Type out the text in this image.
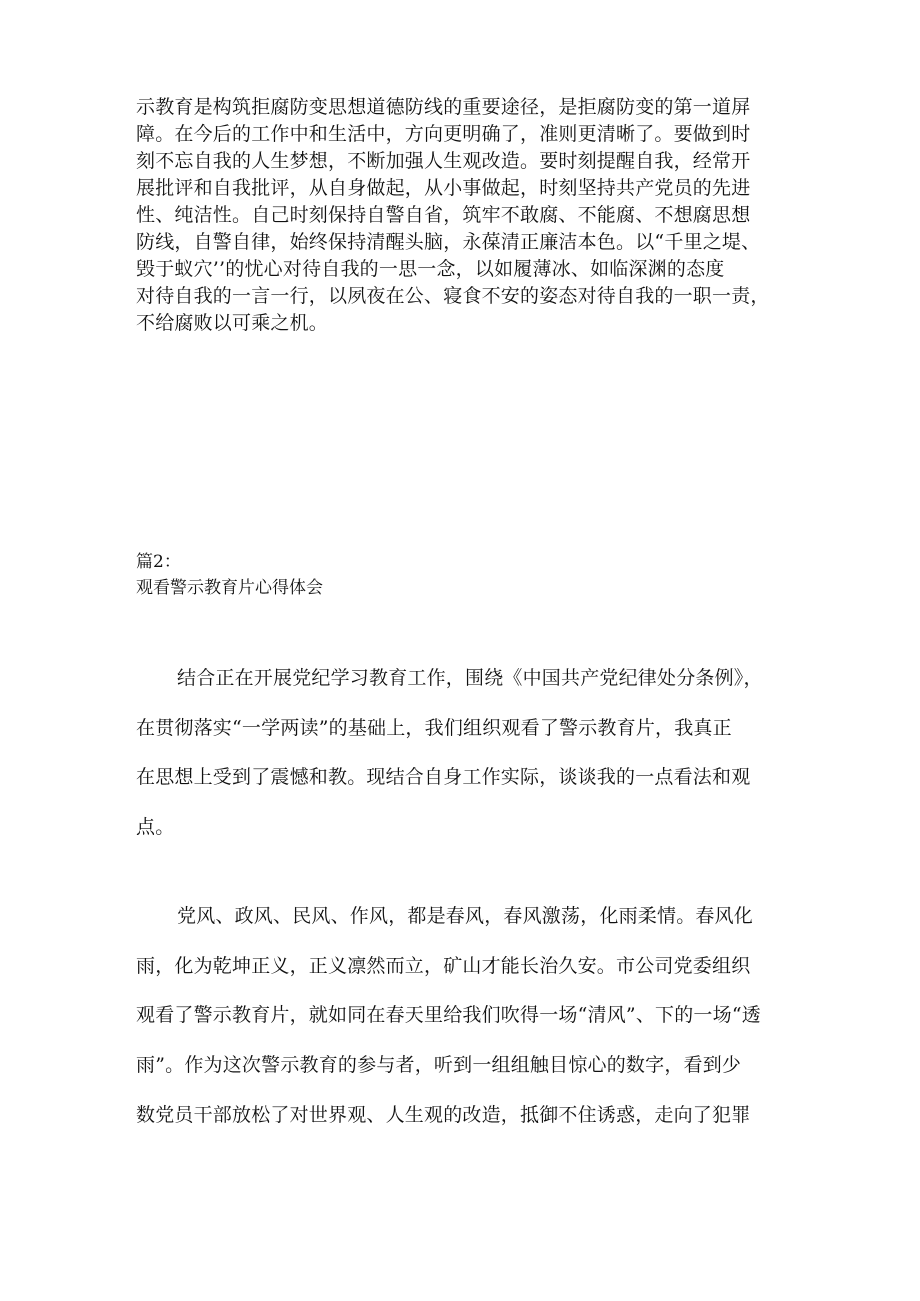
示教育是构筑拒腐防变思想道德防线的重要途径，是拒腐防变的第一道屏
障。在今后的工作中和生活中，方向更明确了，准则更清晰了。要做到时
刻不忘自我的人生梦想，不断加强人生观改造。要时刻提醒自我，经常开
展批评和自我批评，从自身做起，从小事做起，时刻坚持共产党员的先进
性、纯洁性。自己时刻保持自警自省，筑牢不敢腐、不能腐、不想腐思想
防线，自警自律，始终保持清醒头脑，永葆清正廉洁本色。以“千里之堤、
毁于蚁穴’’的忧心对待自我的一思一念，以如履薄冰、如临深渊的态度
对待自我的一言一行，以夙夜在公、寝食不安的姿态对待自我的一职一责，
不给腐败以可乘之机。
篇2：
观看警示教育片心得体会
结合正在开展党纪学习教育工作，围绕《中国共产党纪律处分条例》，
在贯彻落实“一学两读”的基础上，我们组织观看了警示教育片，我真正
在思想上受到了震憾和教。现结合自身工作实际，谈谈我的一点看法和观
点。
党风、政风、民风、作风，都是春风，春风激荡，化雨柔情。春风化
雨，化为乾坤正义，正义凛然而立，矿山才能长治久安。市公司党委组织
观看了警示教育片，就如同在春天里给我们吹得一场“清风”、下的一场“透
雨”。作为这次警示教育的参与者，听到一组组触目惊心的数字，看到少
数党员干部放松了对世界观、人生观的改造，抵御不住诱惑，走向了犯罪
